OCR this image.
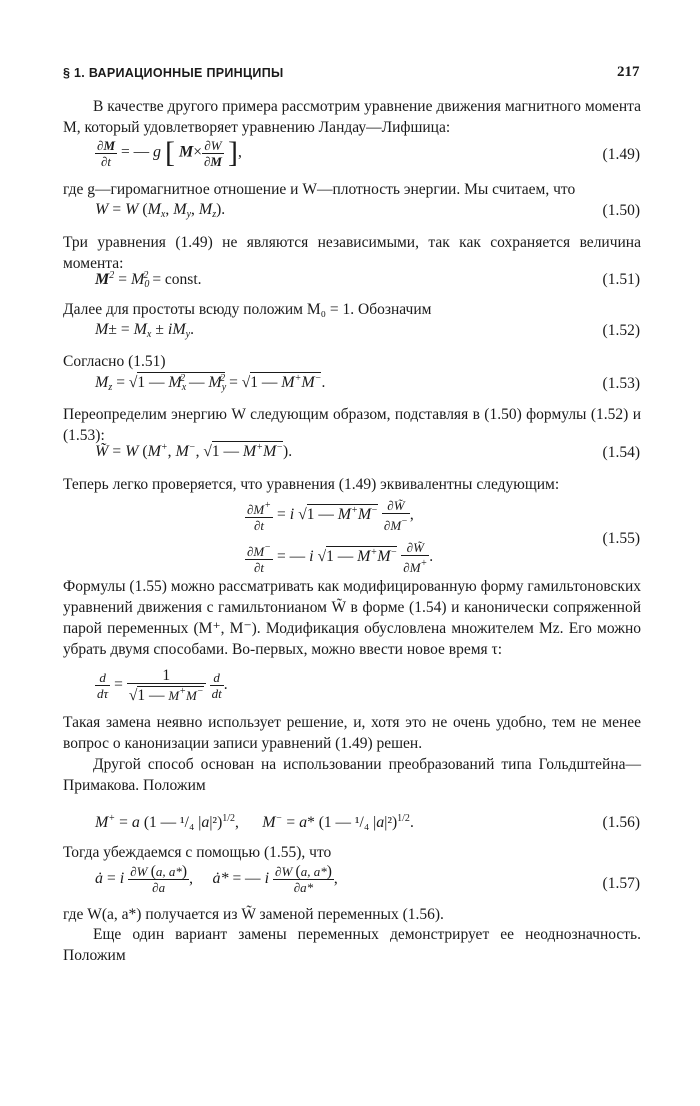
§ 1. ВАРИАЦИОННЫЕ ПРИНЦИПЫ	217
В качестве другого примера рассмотрим уравнение движения магнитного момента M, который удовлетворяет уравнению Ландау—Лифшица:
$\frac{\partial M}{\partial t}$ = — g [ $M\times \frac{\partial W}{\partial M}$ ],	(1.49)
где g—гиромагнитное отношение и W—плотность энергии. Мы считаем, что
W = W ($M_x$, $M_y$, $M_z$).	(1.50)
Три уравнения (1.49) не являются независимыми, так как сохраняется величина момента:
$M^2 = M_0^2$ = const.	(1.51)
Далее для простоты всюду положим M₀ = 1. Обозначим
$M\pm = M_x \pm iM_y$.	(1.52)
Согласно (1.51)
$M_z = √1$ — $M_x^2$ — $M_y^2 = √1$ — M+M−.	(1.53)
Переопределим энергию W следующим образом, подставляя в (1.50) формулы (1.52) и (1.53):
W̃ = W (M+, M−, √1 — M+M−).	(1.54)
Теперь легко проверяется, что уравнения (1.49) эквивалентны следующим:
$\frac{\partial M^+}{\partial t} = i$ √1 — $M^+M^- \frac{\partial W̃}{\partial M^-}$ ,
$\frac{\partial M^-}{\partial t}$ = — i √1 — $M^+M^- \frac{\partial W̃}{\partial M^+}$ .
(1.55)
Формулы (1.55) можно рассматривать как модифицированную форму гамильтоновских уравнений движения с гамильтонианом W̃ в форме (1.54) и канонически сопряженной парой переменных (M⁺, M⁻). Модификация обусловлена множителем Mz. Его можно убрать двумя способами. Во-первых, можно ввести новое время τ:
$\frac{d}{d\tau} = \frac{1}{√1 — M^+M^-}$
$\frac{d}{dt}$ .
Такая замена неявно использует решение, и, хотя это не очень удобно, тем не менее вопрос о канонизации записи уравнений (1.49) решен.
Другой способ основан на использовании преобразований типа Гольдштейна—Примакова. Положим
M+ = a (1 — ¹/₄ |a|²)$^{1/2}$,      M− = a* (1 — ¹/₄ |a|²)$^{1/2}$.	(1.56)
Тогда убеждаемся с помощью (1.55), что
ȧ = i $\frac{\partial W (a, a*)}{\partial a}$ ,     ȧ* = — i $\frac{\partial W (a, a*)}{\partial a*}$ ,	(1.57)
где W(a, a*) получается из W̃ заменой переменных (1.56).
Еще один вариант замены переменных демонстрирует ее неоднозначность. Положим
